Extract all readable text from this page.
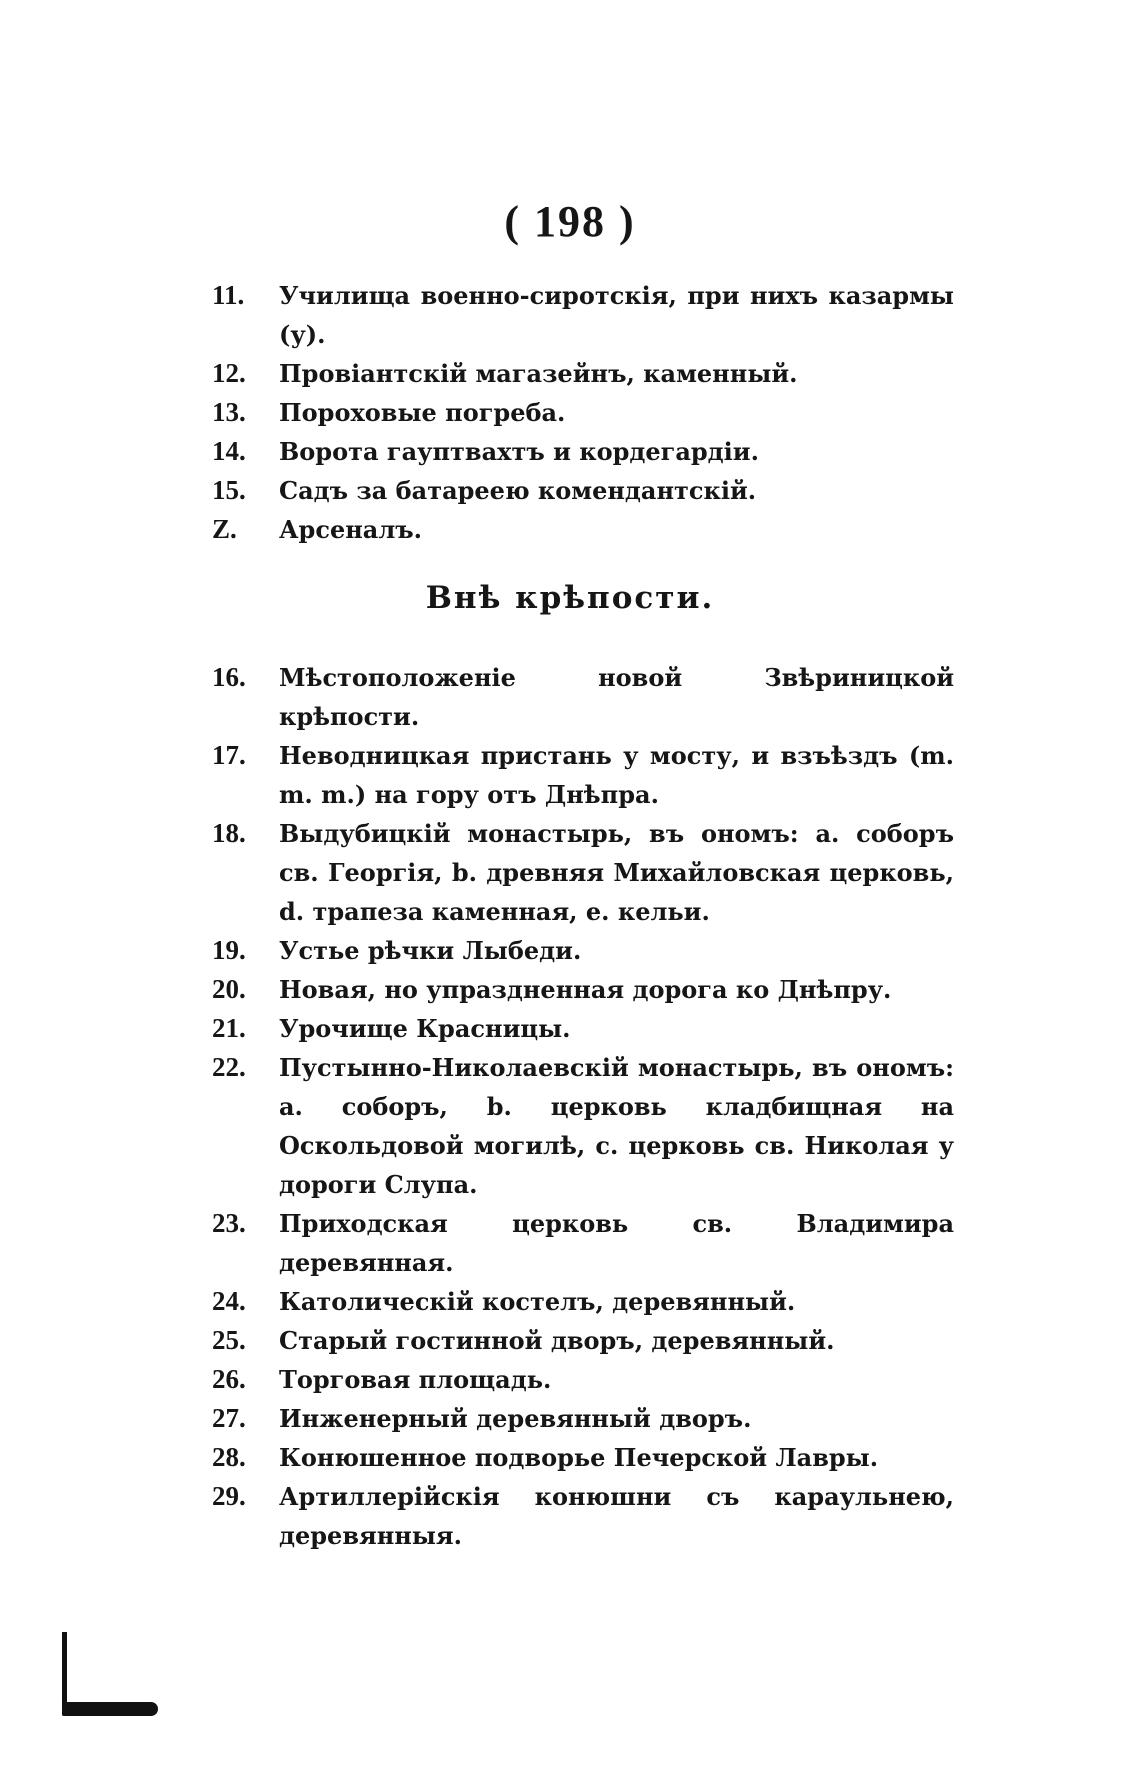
( 198 )
11. Училища военно-сиротскія, при нихъ казармы (у).
12. Провіантскій магазейнъ, каменный.
13. Пороховые погреба.
14. Ворота гауптвахтъ и кордегардіи.
15. Садъ за батареею комендантскій.
Z. Арсеналъ.
Внѣ крѣпости.
16. Мѣстоположеніе новой Звѣриницкой крѣпости.
17. Неводницкая пристань у мосту, и взъѣздъ (m. m. m.) на гору отъ Днѣпра.
18. Выдубицкій монастырь, въ ономъ: а. соборъ св. Георгія, b. древняя Михайловская церковь, d. трапеза каменная, e. кельи.
19. Устье рѣчки Лыбеди.
20. Новая, но упраздненная дорога ко Днѣпру.
21. Урочище Красницы.
22. Пустынно-Николаевскій монастырь, въ ономъ: a. соборъ, b. церковь кладбищная на Оскольдовой могилѣ, c. церковь св. Николая у дороги Слупа.
23. Приходская церковь св. Владимира деревянная.
24. Католическій костелъ, деревянный.
25. Старый гостинной дворъ, деревянный.
26. Торговая площадь.
27. Инженерный деревянный дворъ.
28. Конюшенное подворье Печерской Лавры.
29. Артиллерійскія конюшни съ караульнею, деревянныя.
